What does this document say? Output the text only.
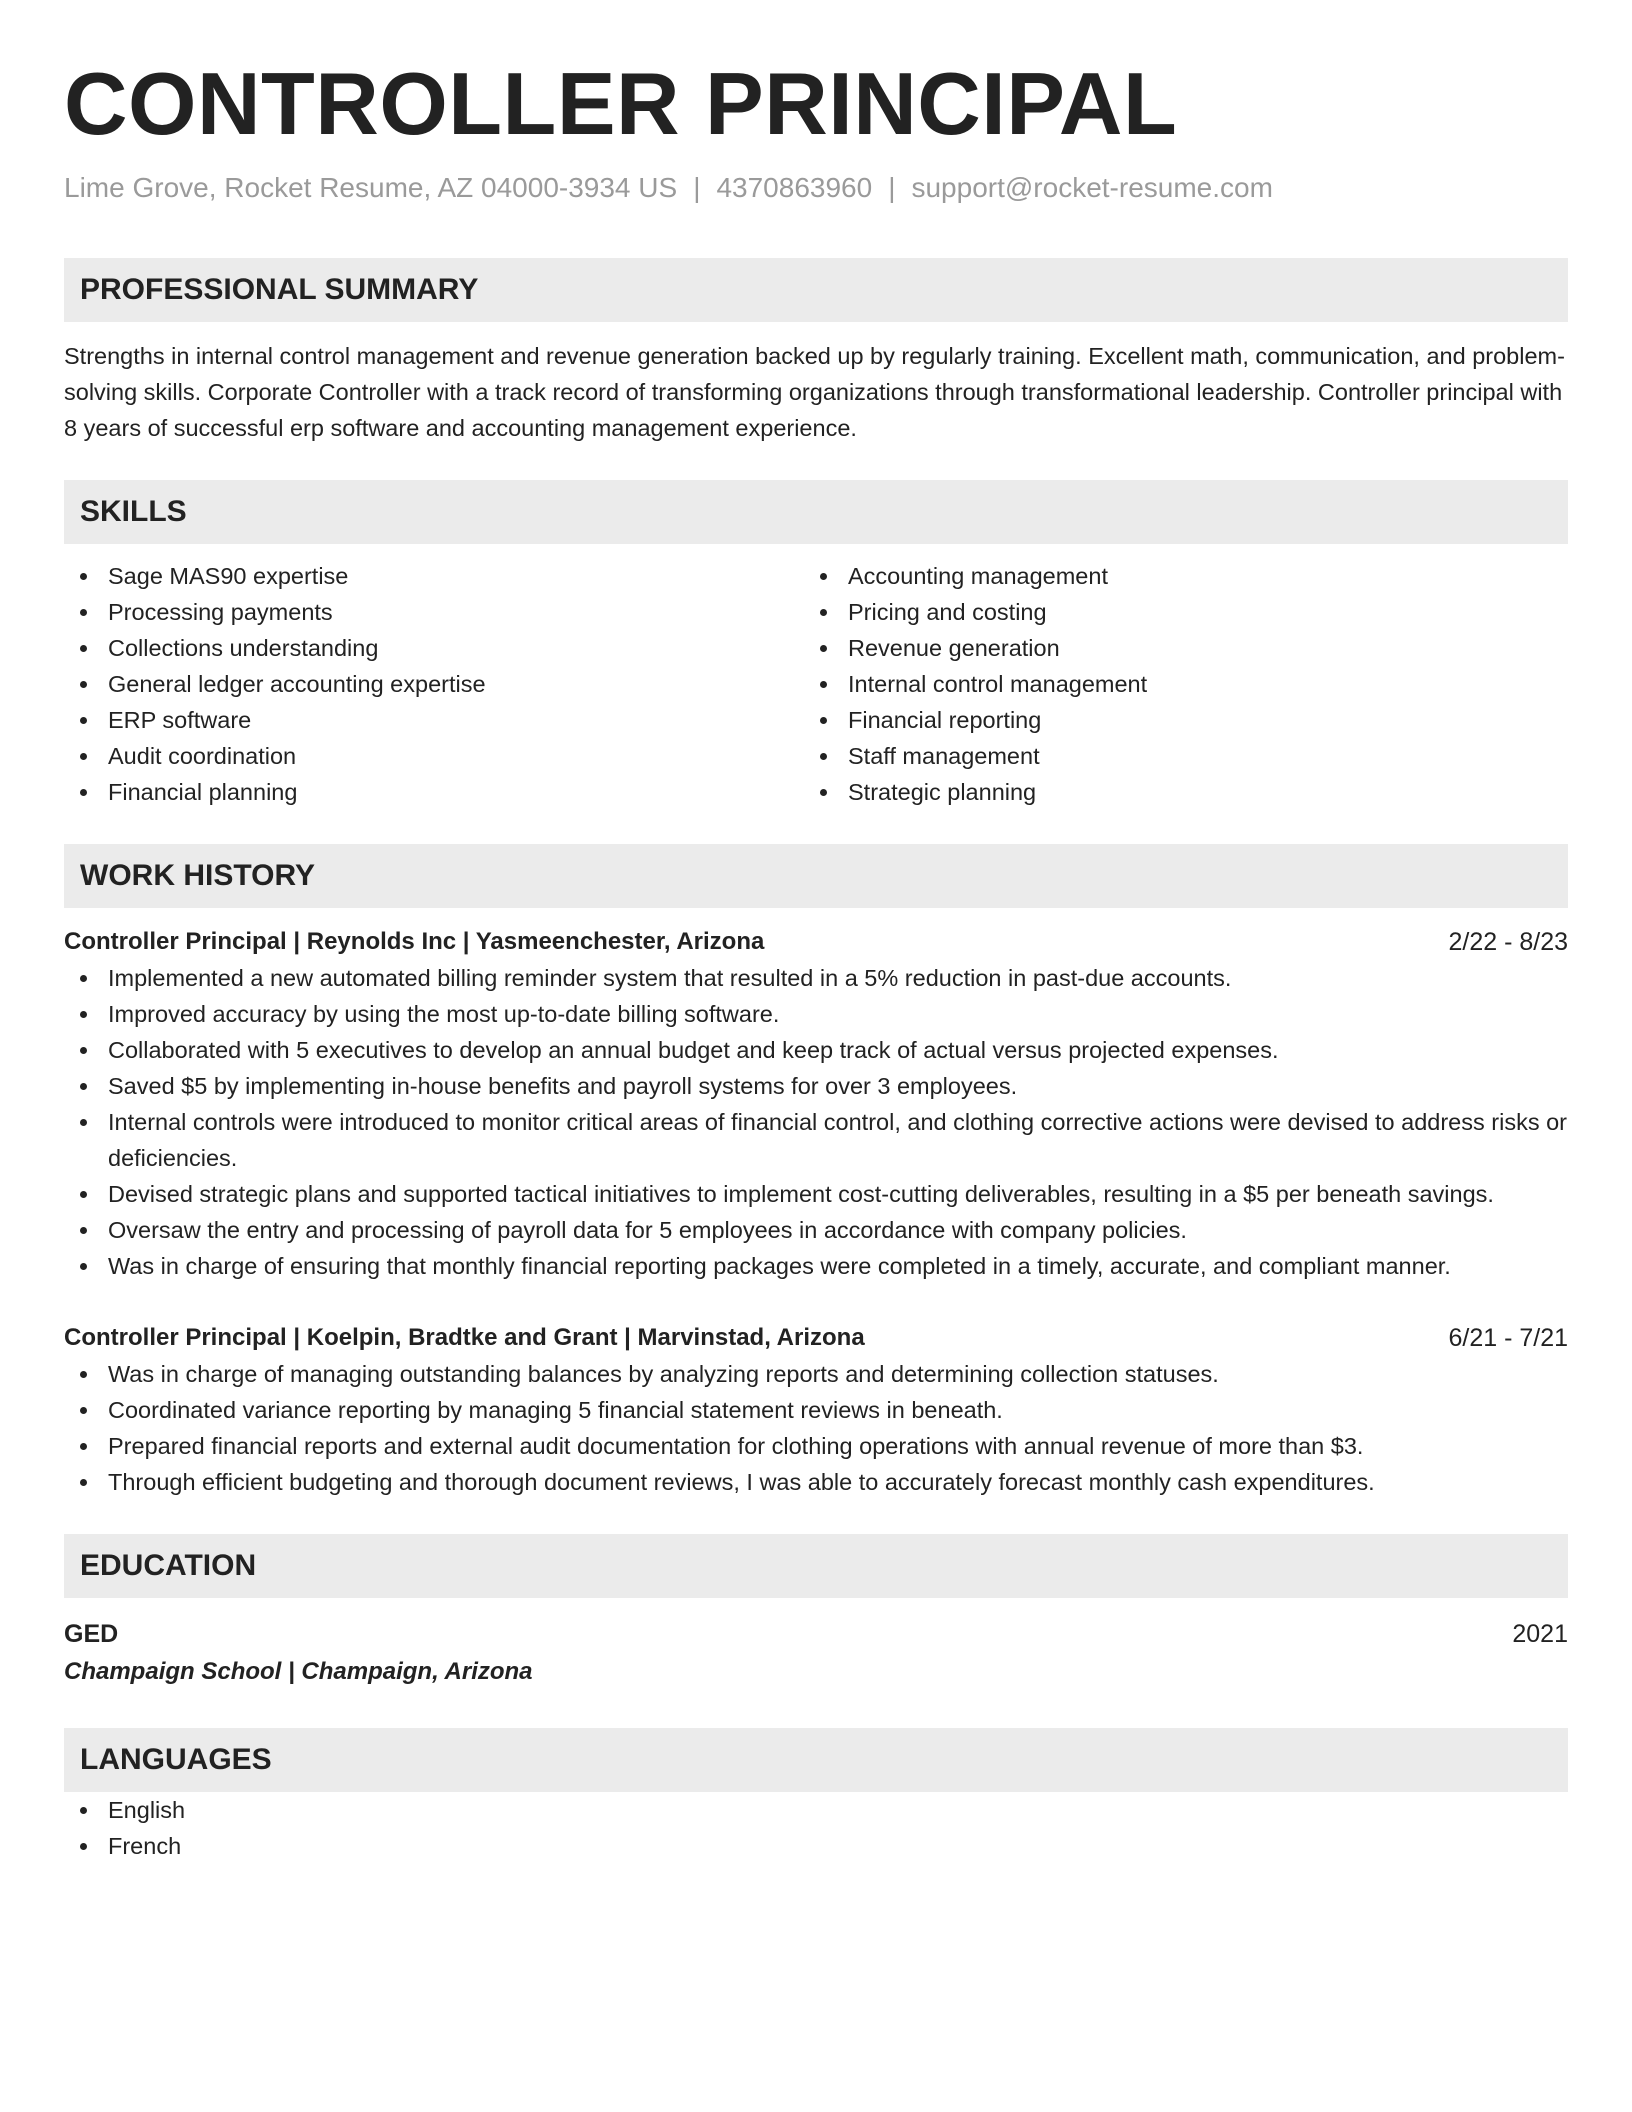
CONTROLLER PRINCIPAL
Lime Grove, Rocket Resume, AZ 04000-3934 US | 4370863960 | support@rocket-resume.com
PROFESSIONAL SUMMARY

Strengths in internal control management and revenue generation backed up by regularly training. Excellent math, communication, and problem-solving skills. Corporate Controller with a track record of transforming organizations through transformational leadership. Controller principal with 8 years of successful erp software and accounting management experience.

SKILLS
Sage MAS90 expertise
Processing payments
Collections understanding
General ledger accounting expertise
ERP software
Audit coordination
Financial planning
Accounting management
Pricing and costing
Revenue generation
Internal control management
Financial reporting
Staff management
Strategic planning
WORK HISTORY
Controller Principal | Reynolds Inc | Yasmeenchester, Arizona	2/22 - 8/23
Implemented a new automated billing reminder system that resulted in a 5% reduction in past-due accounts.
Improved accuracy by using the most up-to-date billing software.
Collaborated with 5 executives to develop an annual budget and keep track of actual versus projected expenses.
Saved $5 by implementing in-house benefits and payroll systems for over 3 employees.
Internal controls were introduced to monitor critical areas of financial control, and clothing corrective actions were devised to address risks or deficiencies.
Devised strategic plans and supported tactical initiatives to implement cost-cutting deliverables, resulting in a $5 per beneath savings.
Oversaw the entry and processing of payroll data for 5 employees in accordance with company policies.
Was in charge of ensuring that monthly financial reporting packages were completed in a timely, accurate, and compliant manner.
Controller Principal | Koelpin, Bradtke and Grant | Marvinstad, Arizona	6/21 - 7/21
Was in charge of managing outstanding balances by analyzing reports and determining collection statuses.
Coordinated variance reporting by managing 5 financial statement reviews in beneath.
Prepared financial reports and external audit documentation for clothing operations with annual revenue of more than $3.
Through efficient budgeting and thorough document reviews, I was able to accurately forecast monthly cash expenditures.
EDUCATION
GED	2021
Champaign School | Champaign, Arizona
LANGUAGES
English
French
